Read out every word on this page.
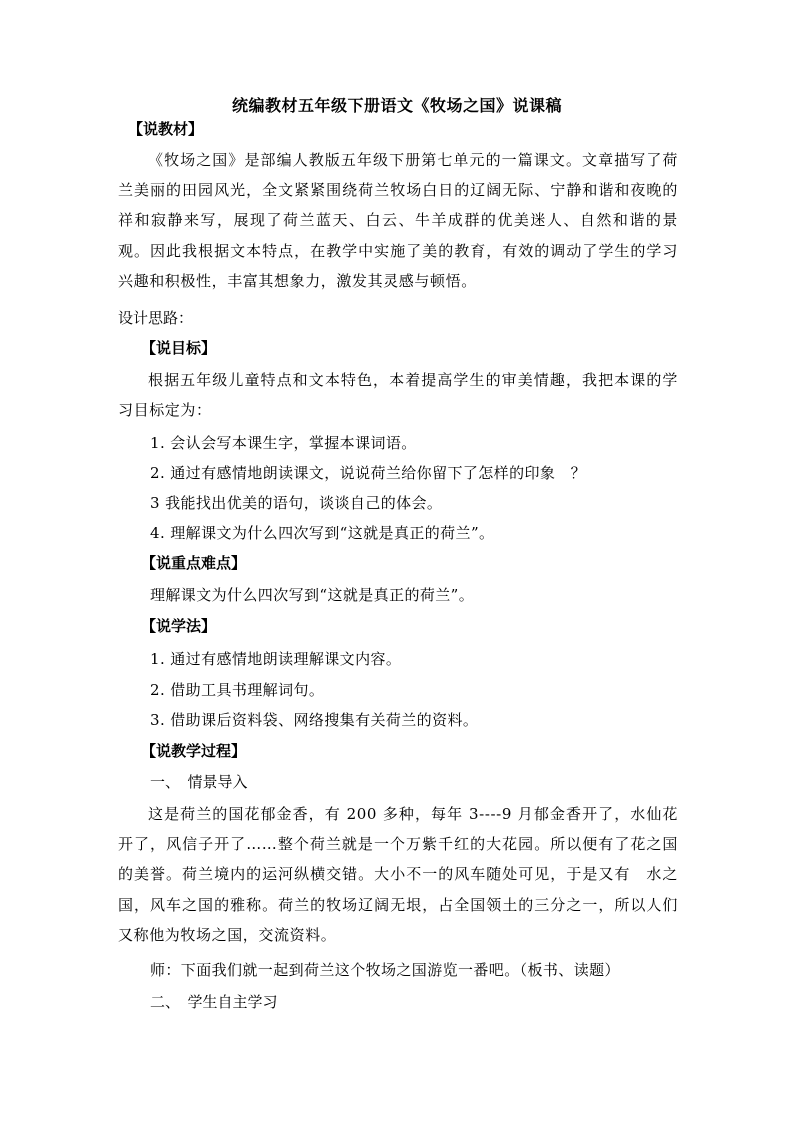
统编教材五年级下册语文《牧场之国》说课稿
【说教材】
《牧场之国》是部编人教版五年级下册第七单元的一篇课文。文章描写了荷兰美丽的田园风光，全文紧紧围绕荷兰牧场白日的辽阔无际、宁静和谐和夜晚的祥和寂静来写，展现了荷兰蓝天、白云、牛羊成群的优美迷人、自然和谐的景观。因此我根据文本特点，在教学中实施了美的教育，有效的调动了学生的学习兴趣和积极性，丰富其想象力，激发其灵感与顿悟。
设计思路：
【说目标】
根据五年级儿童特点和文本特色，本着提高学生的审美情趣，我把本课的学习目标定为：
1. 会认会写本课生字，掌握本课词语。
2. 通过有感情地朗读课文，说说荷兰给你留下了怎样的印象　？
3 我能找出优美的语句，谈谈自己的体会。
4. 理解课文为什么四次写到“这就是真正的荷兰”。
【说重点难点】
理解课文为什么四次写到“这就是真正的荷兰”。
【说学法】
1. 通过有感情地朗读理解课文内容。
2. 借助工具书理解词句。
3. 借助课后资料袋、网络搜集有关荷兰的资料。
【说教学过程】
一、　情景导入
这是荷兰的国花郁金香，有 200 多种，每年 3----9 月郁金香开了，水仙花开了，风信子开了……整个荷兰就是一个万紫千红的大花园。所以便有了花之国的美誉。荷兰境内的运河纵横交错。大小不一的风车随处可见，于是又有　水之国，风车之国的雅称。荷兰的牧场辽阔无垠，占全国领土的三分之一，所以人们又称他为牧场之国，交流资料。
师：下面我们就一起到荷兰这个牧场之国游览一番吧。（板书、读题）
二、　学生自主学习
